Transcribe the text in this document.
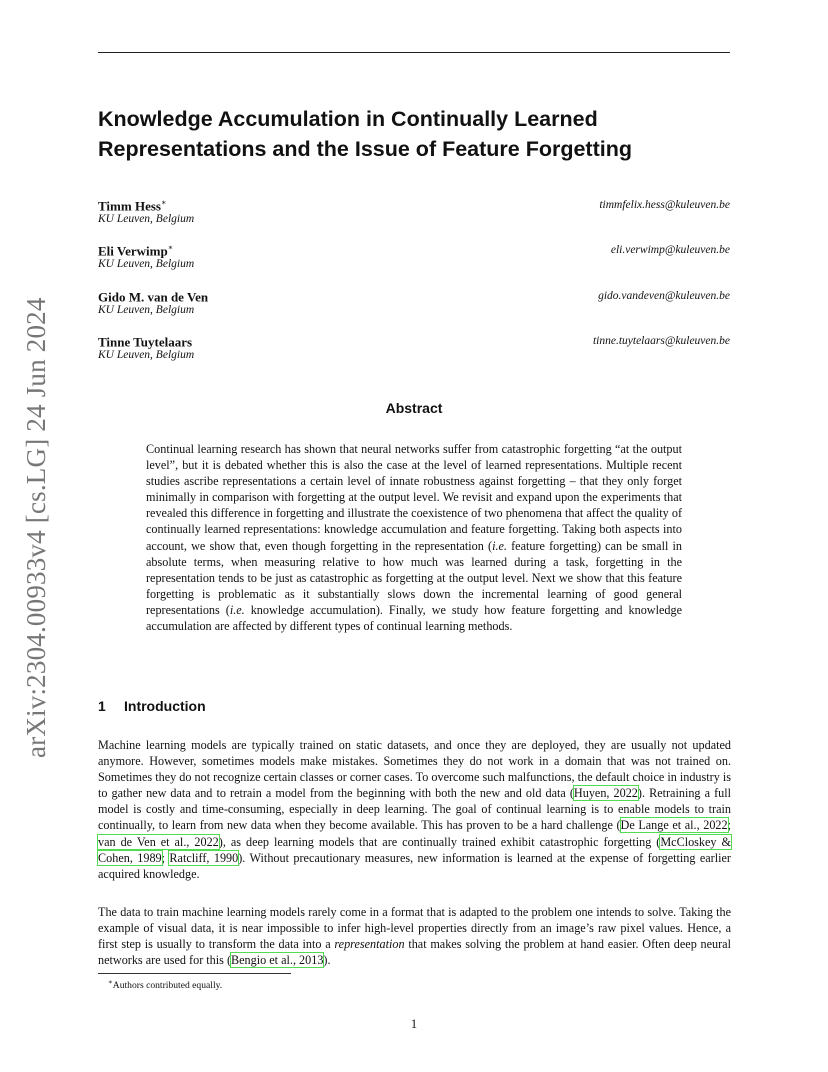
arXiv:2304.00933v4 [cs.LG] 24 Jun 2024
Knowledge Accumulation in Continually Learned Representations and the Issue of Feature Forgetting
Timm Hess∗
KU Leuven, Belgium
timmfelix.hess@kuleuven.be
Eli Verwimp∗
KU Leuven, Belgium
eli.verwimp@kuleuven.be
Gido M. van de Ven
KU Leuven, Belgium
gido.vandeven@kuleuven.be
Tinne Tuytelaars
KU Leuven, Belgium
tinne.tuytelaars@kuleuven.be
Abstract

Continual learning research has shown that neural networks suffer from catastrophic forgetting “at the output level”, but it is debated whether this is also the case at the level of learned representations. Multiple recent studies ascribe representations a certain level of innate robustness against forgetting – that they only forget minimally in comparison with forgetting at the output level. We revisit and expand upon the experiments that revealed this difference in forgetting and illustrate the coexistence of two phenomena that affect the quality of continually learned representations: knowledge accumulation and feature forgetting. Taking both aspects into account, we show that, even though forgetting in the representation (i.e. feature forgetting) can be small in absolute terms, when measuring relative to how much was learned during a task, forgetting in the representation tends to be just as catastrophic as forgetting at the output level. Next we show that this feature forgetting is problematic as it substantially slows down the incremental learning of good general representations (i.e. knowledge accumulation). Finally, we study how feature forgetting and knowledge accumulation are affected by different types of continual learning methods.

1 Introduction

Machine learning models are typically trained on static datasets, and once they are deployed, they are usually not updated anymore. However, sometimes models make mistakes. Sometimes they do not work in a domain that was not trained on. Sometimes they do not recognize certain classes or corner cases. To overcome such malfunctions, the default choice in industry is to gather new data and to retrain a model from the beginning with both the new and old data (Huyen, 2022). Retraining a full model is costly and time-consuming, especially in deep learning. The goal of continual learning is to enable models to train continually, to learn from new data when they become available. This has proven to be a hard challenge (De Lange et al., 2022; van de Ven et al., 2022), as deep learning models that are continually trained exhibit catastrophic forgetting (McCloskey & Cohen, 1989; Ratcliff, 1990). Without precautionary measures, new information is learned at the expense of forgetting earlier acquired knowledge.

The data to train machine learning models rarely come in a format that is adapted to the problem one intends to solve. Taking the example of visual data, it is near impossible to infer high-level properties directly from an image’s raw pixel values. Hence, a first step is usually to transform the data into a representation that makes solving the problem at hand easier. Often deep neural networks are used for this (Bengio et al., 2013).

∗Authors contributed equally.
1
